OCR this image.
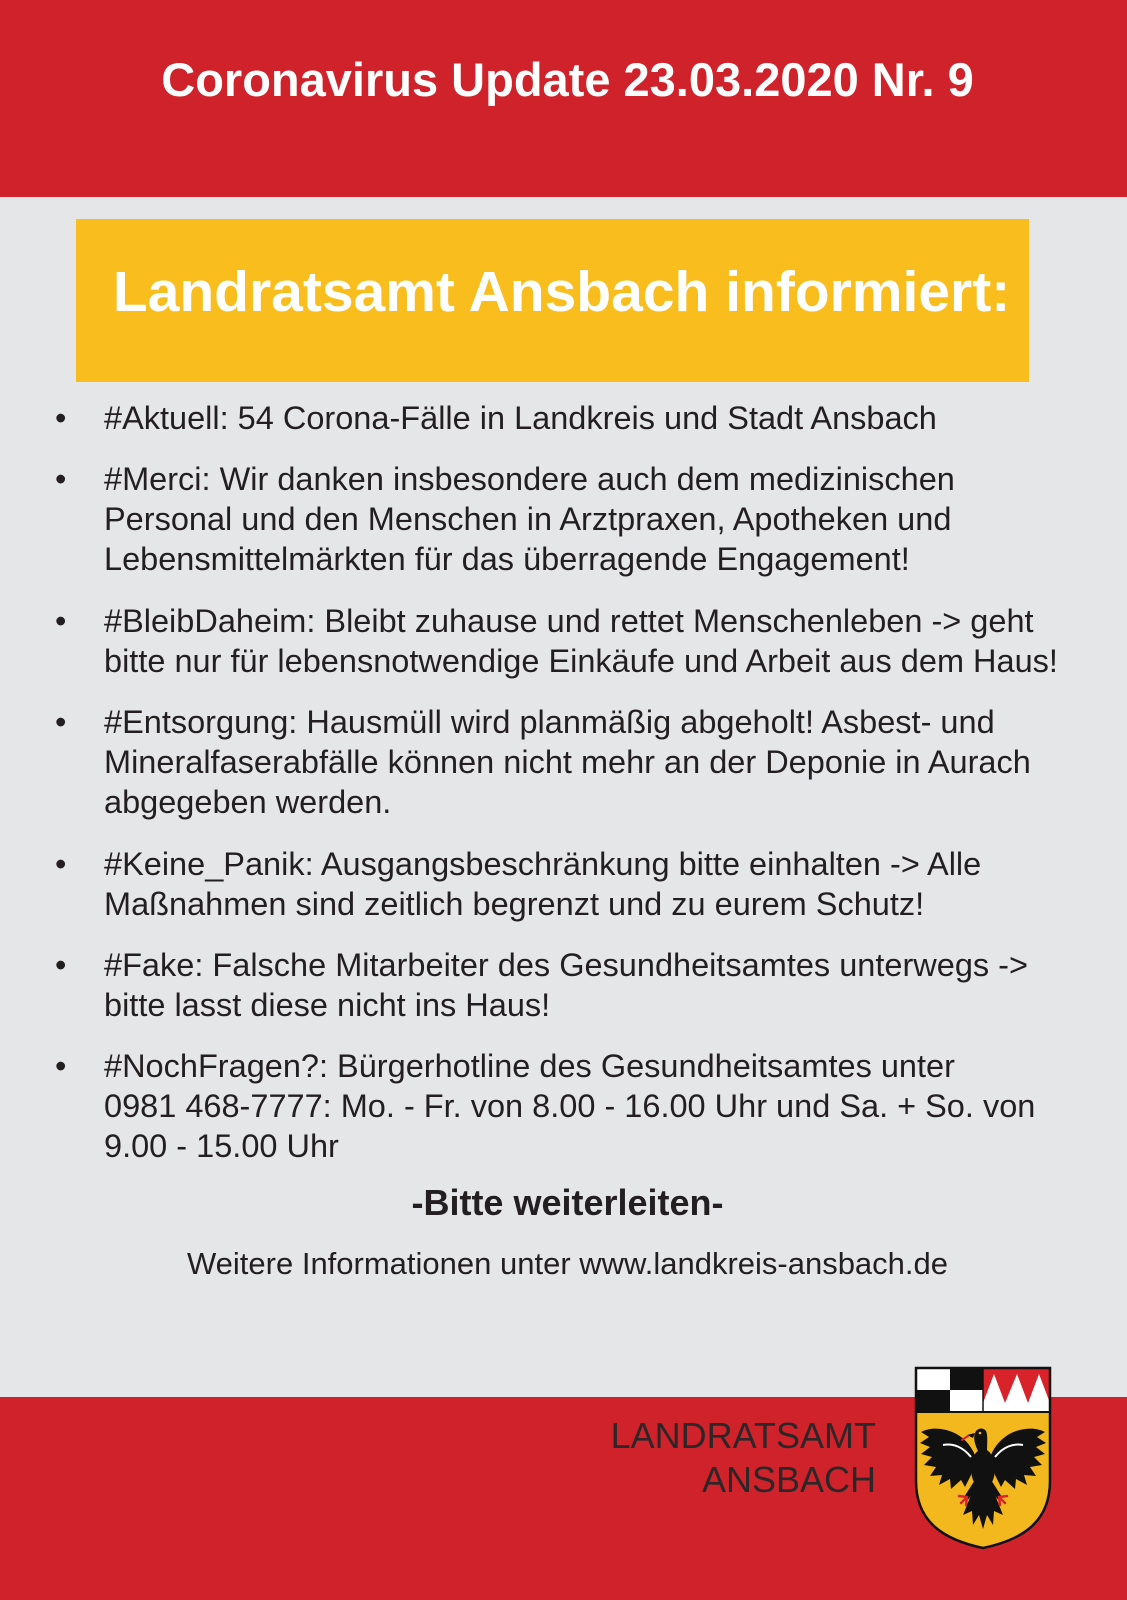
Coronavirus Update 23.03.2020 Nr. 9
Landratsamt Ansbach informiert:
• #Aktuell: 54 Corona-Fälle in Landkreis und Stadt Ansbach
• #Merci: Wir danken insbesondere auch dem medizinischen
Personal und den Menschen in Arztpraxen, Apotheken und
Lebensmittelmärkten für das überragende Engagement!
• #BleibDaheim: Bleibt zuhause und rettet Menschenleben -> geht
bitte nur für lebensnotwendige Einkäufe und Arbeit aus dem Haus!
• #Entsorgung: Hausmüll wird planmäßig abgeholt! Asbest- und
Mineralfaserabfälle können nicht mehr an der Deponie in Aurach
abgegeben werden.
• #Keine_Panik: Ausgangsbeschränkung bitte einhalten -> Alle
Maßnahmen sind zeitlich begrenzt und zu eurem Schutz!
• #Fake: Falsche Mitarbeiter des Gesundheitsamtes unterwegs ->
bitte lasst diese nicht ins Haus!
• #NochFragen?: Bürgerhotline des Gesundheitsamtes unter
0981 468-7777: Mo. - Fr. von 8.00 - 16.00 Uhr und Sa. + So. von
9.00 - 15.00 Uhr
-Bitte weiterleiten-
Weitere Informationen unter www.landkreis-ansbach.de
LANDRATSAMT
ANSBACH
